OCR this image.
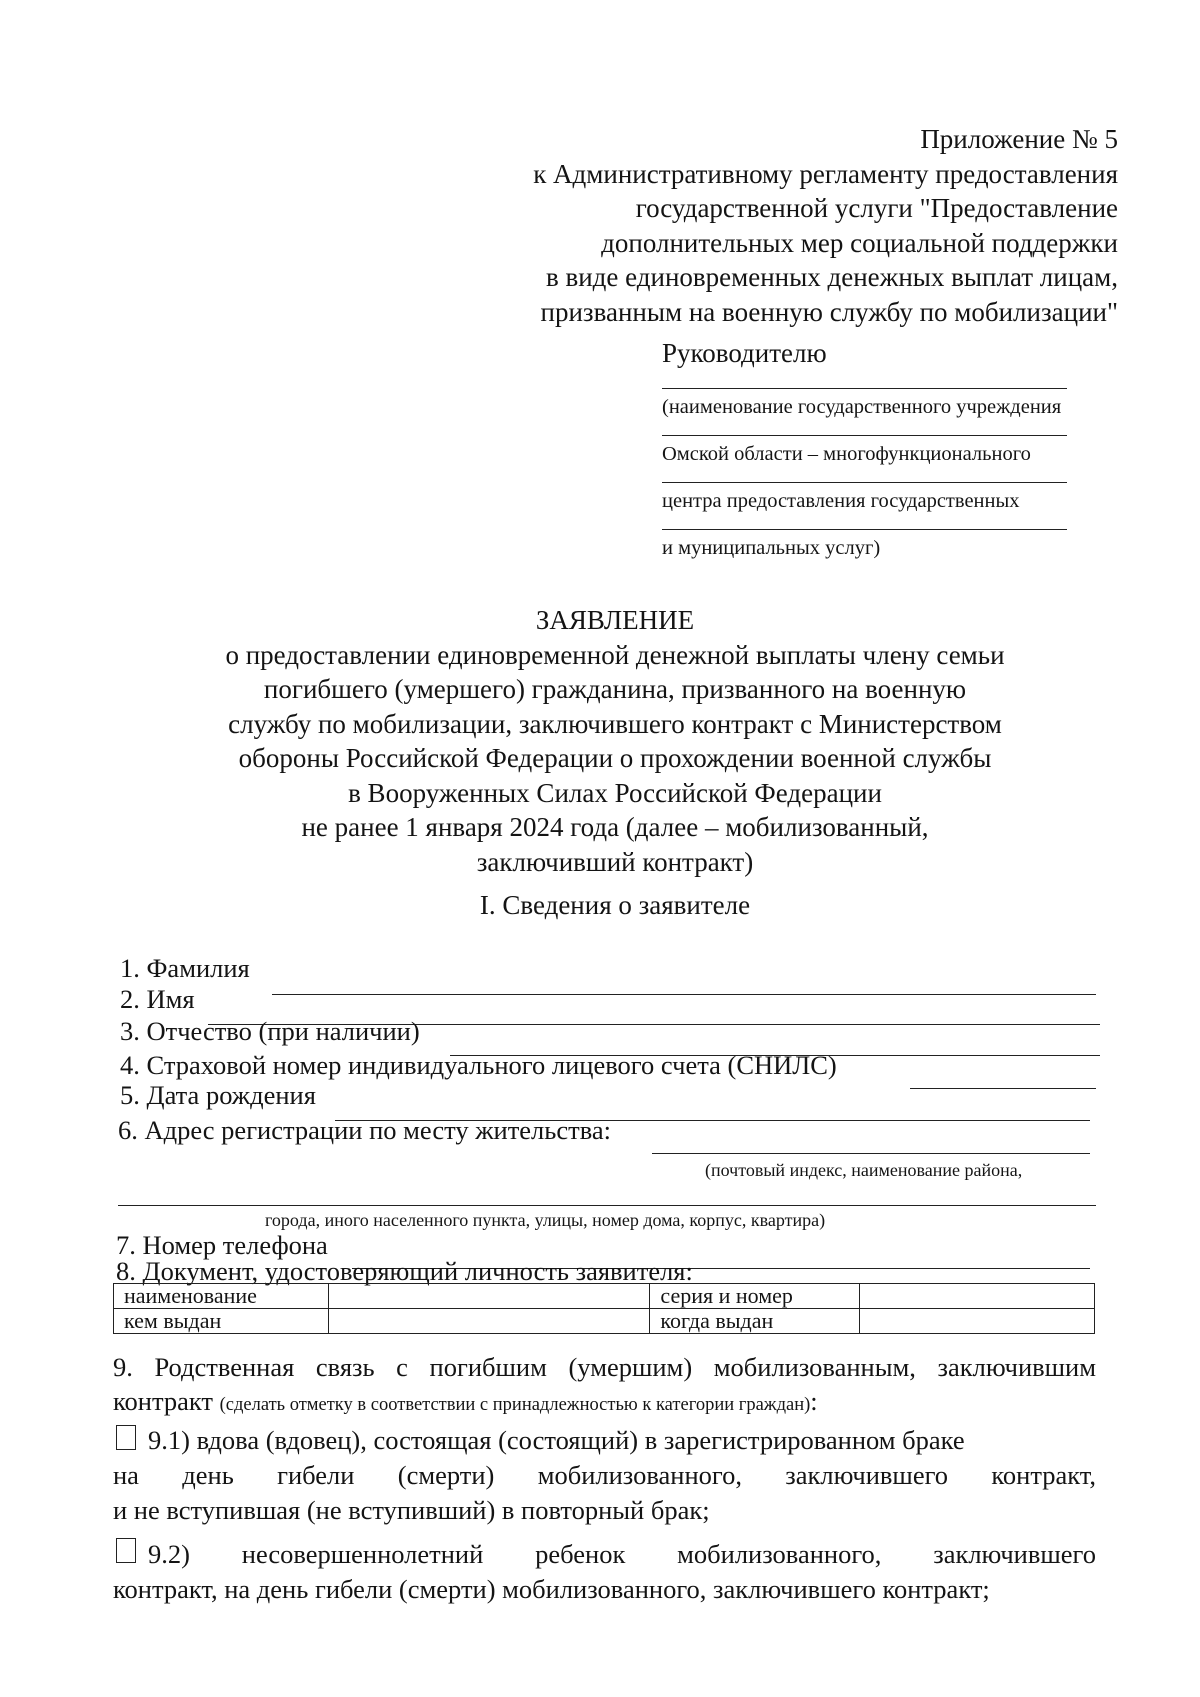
Приложение № 5
к Административному регламенту предоставления
государственной услуги "Предоставление
дополнительных мер социальной поддержки
в виде единовременных денежных выплат лицам,
призванным на военную службу по мобилизации"
Руководителю
(наименование государственного учреждения
Омской области – многофункционального
центра предоставления государственных
и муниципальных услуг)
ЗАЯВЛЕНИЕ
о предоставлении единовременной денежной выплаты члену семьи
погибшего (умершего) гражданина, призванного на военную
службу по мобилизации, заключившего контракт с Министерством
обороны Российской Федерации о прохождении военной службы
в Вооруженных Силах Российской Федерации
не ранее 1 января 2024 года (далее – мобилизованный,
заключивший контракт)
I. Сведения о заявителе
1. Фамилия
2. Имя
3. Отчество (при наличии)
4. Страховой номер индивидуального лицевого счета (СНИЛС)
5. Дата рождения
6. Адрес регистрации по месту жительства:
(почтовый индекс, наименование района,
города, иного населенного пункта, улицы, номер дома, корпус, квартира)
7. Номер телефона
8. Документ, удостоверяющий личность заявителя:
наименование		серия и номер	
кем выдан		когда выдан	
9. Родственная связь с погибшим (умершим) мобилизованным, заключившим
контракт (сделать отметку в соответствии с принадлежностью к категории граждан):
9.1) вдова (вдовец), состоящая (состоящий) в зарегистрированном браке
на день гибели (смерти) мобилизованного, заключившего контракт,
и не вступившая (не вступивший) в повторный брак;
9.2) несовершеннолетний ребенок мобилизованного, заключившего
контракт, на день гибели (смерти) мобилизованного, заключившего контракт;
